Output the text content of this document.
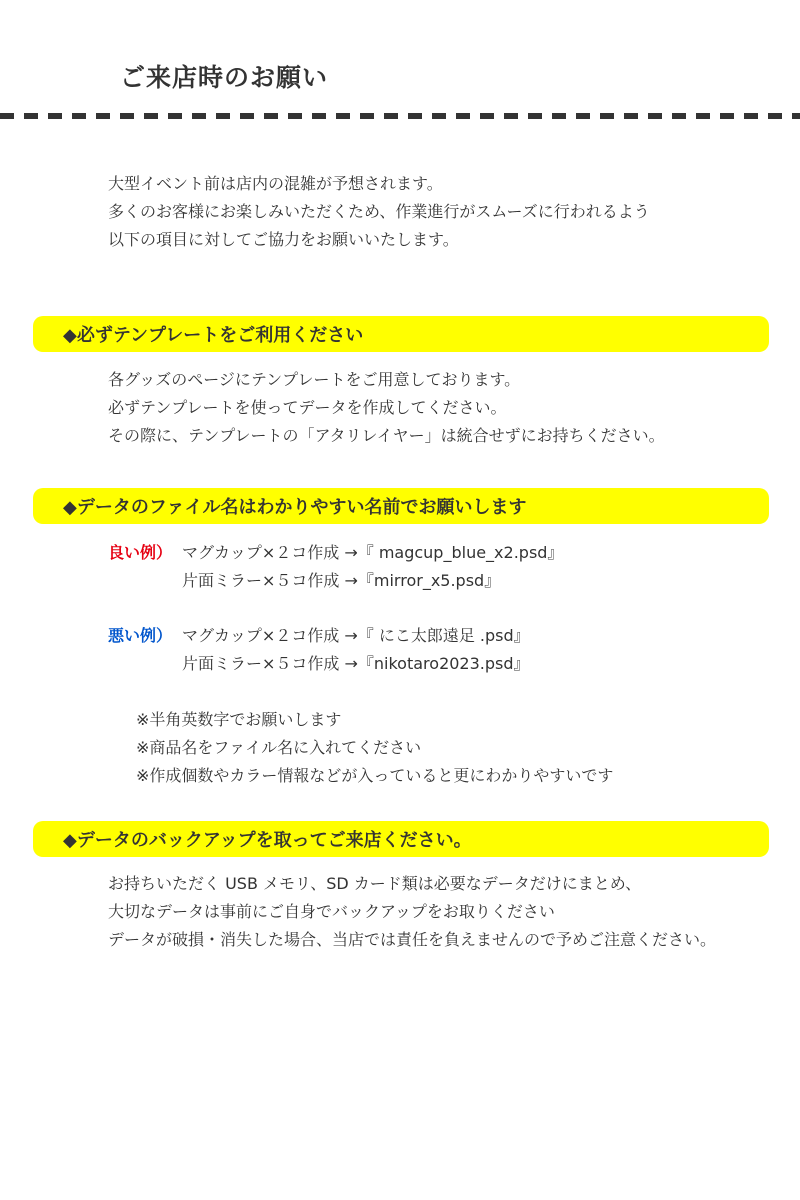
ご来店時のお願い

大型イベント前は店内の混雑が予想されます。

多くのお客様にお楽しみいただくため、作業進行がスムーズに行われるよう

以下の項目に対してご協力をお願いいたします。

◆必ずテンプレートをご利用ください

各グッズのページにテンプレートをご用意しております。

必ずテンプレートを使ってデータを作成してください。

その際に、テンプレートの「アタリレイヤー」は統合せずにお持ちください。

◆データのファイル名はわかりやすい名前でお願いします
良い例） マグカップ×２コ作成 →『 magcup_blue_x2.psd』
片面ミラー×５コ作成 →『mirror_x5.psd』
悪い例） マグカップ×２コ作成 →『 にこ太郎遠足 .psd』
片面ミラー×５コ作成 →『nikotaro2023.psd』

※半角英数字でお願いします

※商品名をファイル名に入れてください

※作成個数やカラー情報などが入っていると更にわかりやすいです

◆データのバックアップを取ってご来店ください。

お持ちいただく USB メモリ、SD カード類は必要なデータだけにまとめ、

大切なデータは事前にご自身でバックアップをお取りください

データが破損・消失した場合、当店では責任を負えませんので予めご注意ください。
